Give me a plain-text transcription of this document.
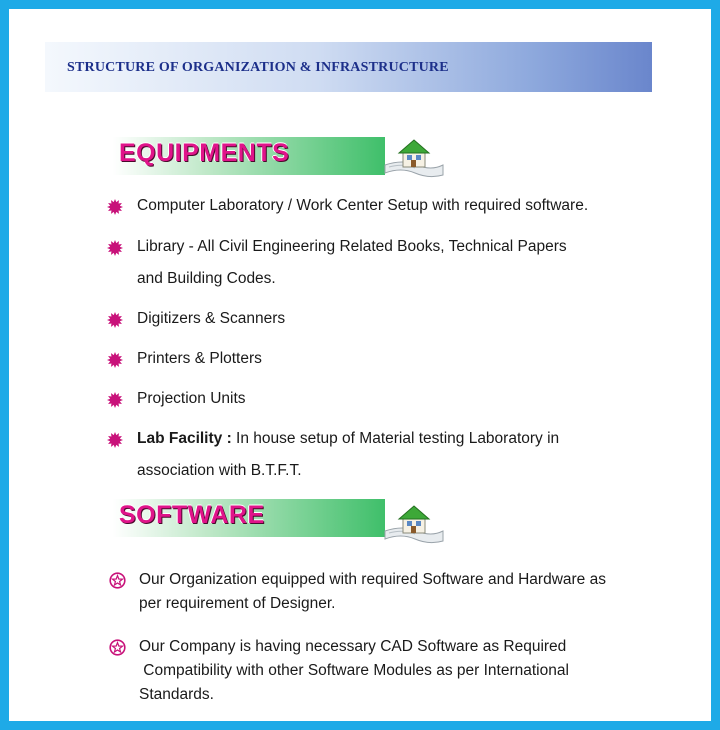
STRUCTURE OF ORGANIZATION & INFRASTRUCTURE
EQUIPMENTS
Computer Laboratory / Work Center Setup with required software.
Library - All Civil Engineering Related Books, Technical Papers
and Building Codes.
Digitizers & Scanners
Printers & Plotters
Projection Units
Lab Facility : In house setup of Material testing Laboratory in
association with B.T.F.T.
SOFTWARE
Our Organization equipped with required Software and Hardware as
per requirement of Designer.
Our Company is having necessary CAD Software as Required
Compatibility with other Software Modules as per International
Standards.
